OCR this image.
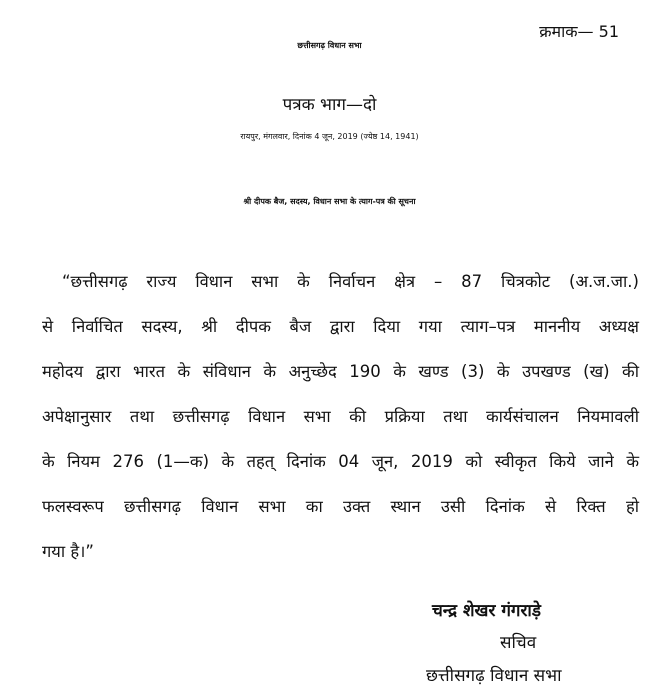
क्रमाक— 51
छत्तीसगढ़ विधान सभा
पत्रक भाग—दो
रायपुर, मंगलवार, दिनांक 4 जून, 2019 (ज्येष्ठ 14, 1941)
श्री दीपक बैज, सदस्य, विधान सभा के त्याग-पत्र की सूचना
“छत्तीसगढ़ राज्य विधान सभा के निर्वाचन क्षेत्र – 87 चित्रकोट (अ.ज.जा.)
से निर्वाचित सदस्य, श्री दीपक बैज द्वारा दिया गया त्याग–पत्र माननीय अध्यक्ष
महोदय द्वारा भारत के संविधान के अनुच्छेद 190 के खण्ड (3) के उपखण्ड (ख) की
अपेक्षानुसार तथा छत्तीसगढ़ विधान सभा की प्रक्रिया तथा कार्यसंचालन नियमावली
के नियम 276 (1—क) के तहत् दिनांक 04 जून, 2019 को स्वीकृत किये जाने के
फलस्वरूप छत्तीसगढ़ विधान सभा का उक्त स्थान उसी दिनांक से रिक्त हो
गया है।”
चन्द्र शेखर गंगराड़े
सचिव
छत्तीसगढ़ विधान सभा
